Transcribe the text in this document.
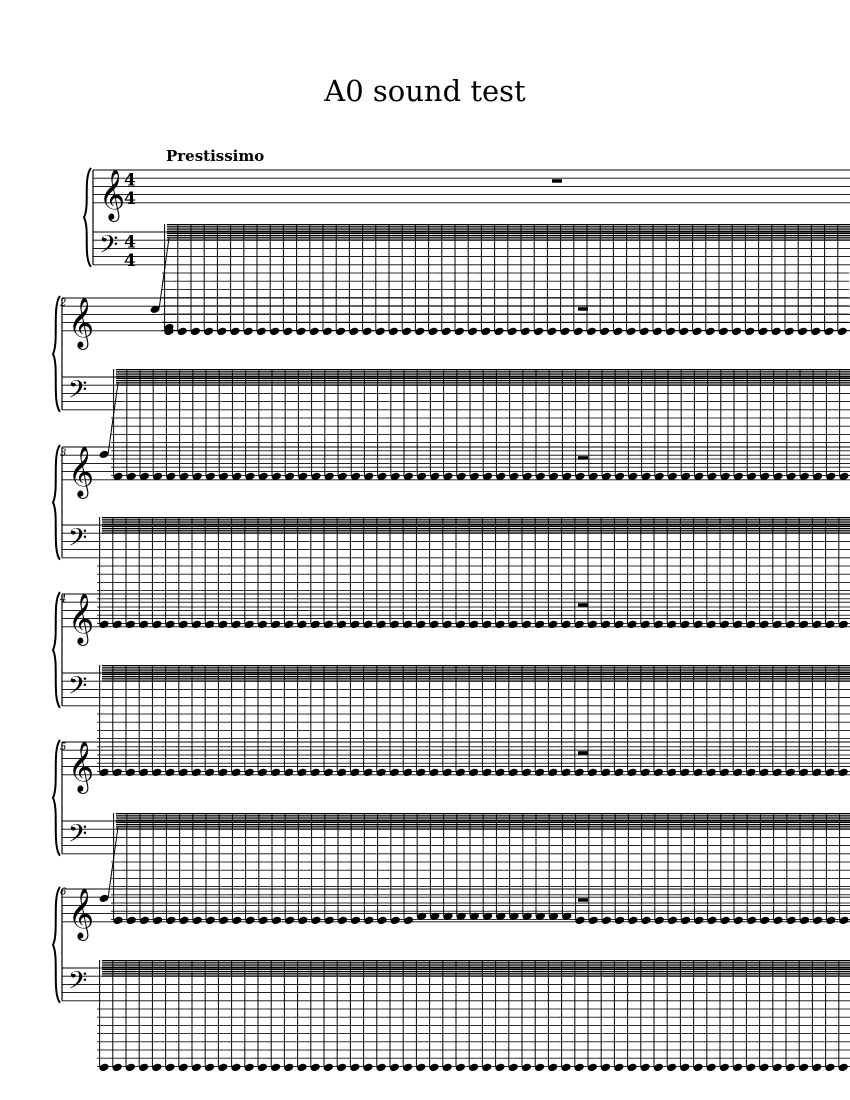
A0 sound test
Prestissimo
2
3
4
5
6
𝄞
𝄢
4
4
4
4
𝄞
𝄢
𝄞
𝄢
𝄞
𝄢
𝄞
𝄢
𝄞
𝄢
